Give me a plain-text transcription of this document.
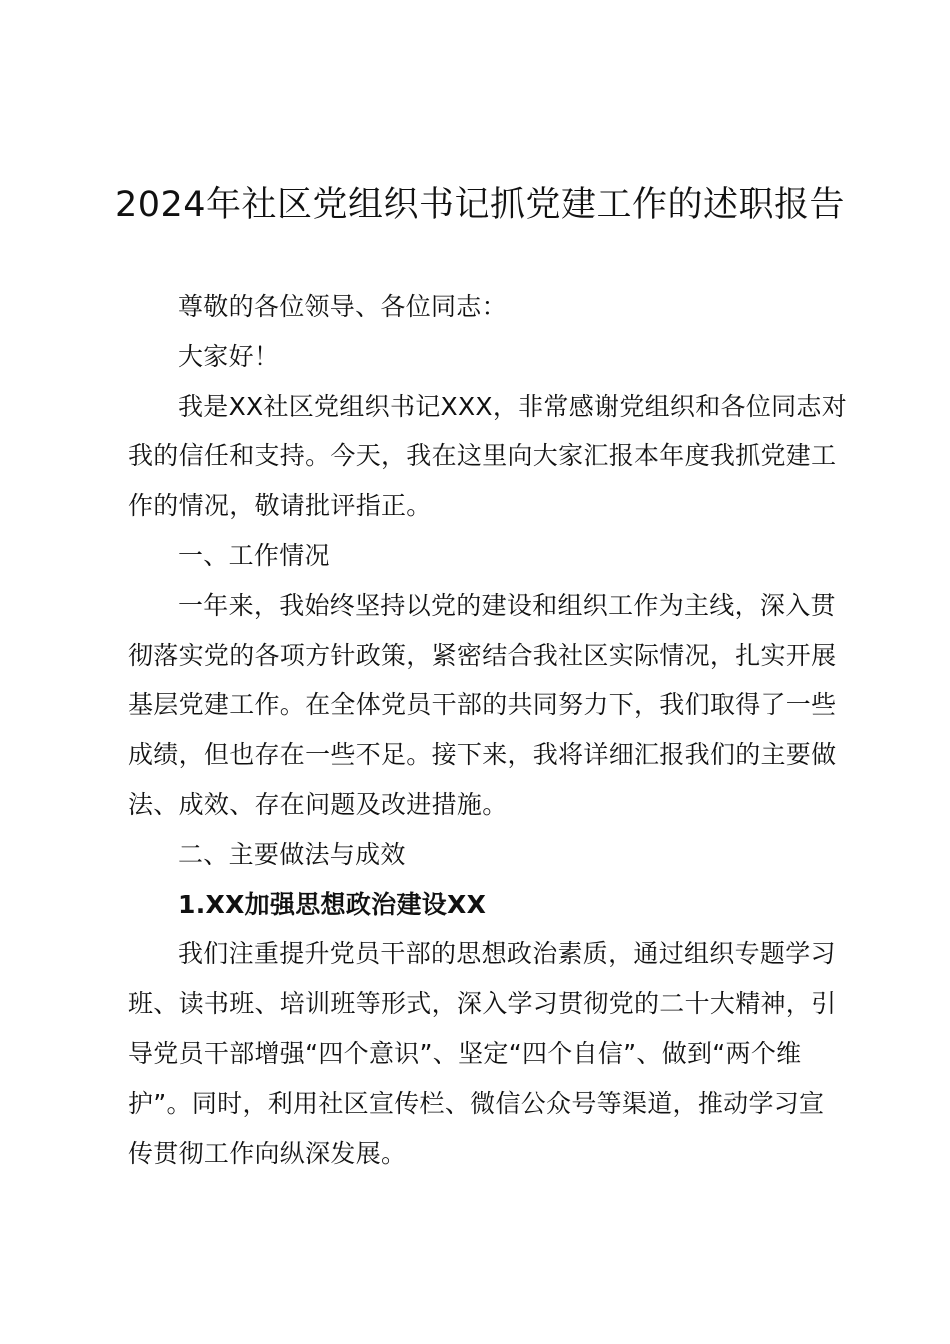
2024年社区党组织书记抓党建工作的述职报告

尊敬的各位领导、各位同志：

大家好！

我是XX社区党组织书记XXX，非常感谢党组织和各位同志对我的信任和支持。今天，我在这里向大家汇报本年度我抓党建工作的情况，敬请批评指正。

一、工作情况

一年来，我始终坚持以党的建设和组织工作为主线，深入贯彻落实党的各项方针政策，紧密结合我社区实际情况，扎实开展基层党建工作。在全体党员干部的共同努力下，我们取得了一些成绩，但也存在一些不足。接下来，我将详细汇报我们的主要做法、成效、存在问题及改进措施。

二、主要做法与成效

1.XX加强思想政治建设XX

我们注重提升党员干部的思想政治素质，通过组织专题学习班、读书班、培训班等形式，深入学习贯彻党的二十大精神，引导党员干部增强“四个意识”、坚定“四个自信”、做到“两个维护”。同时，利用社区宣传栏、微信公众号等渠道，推动学习宣传贯彻工作向纵深发展。
